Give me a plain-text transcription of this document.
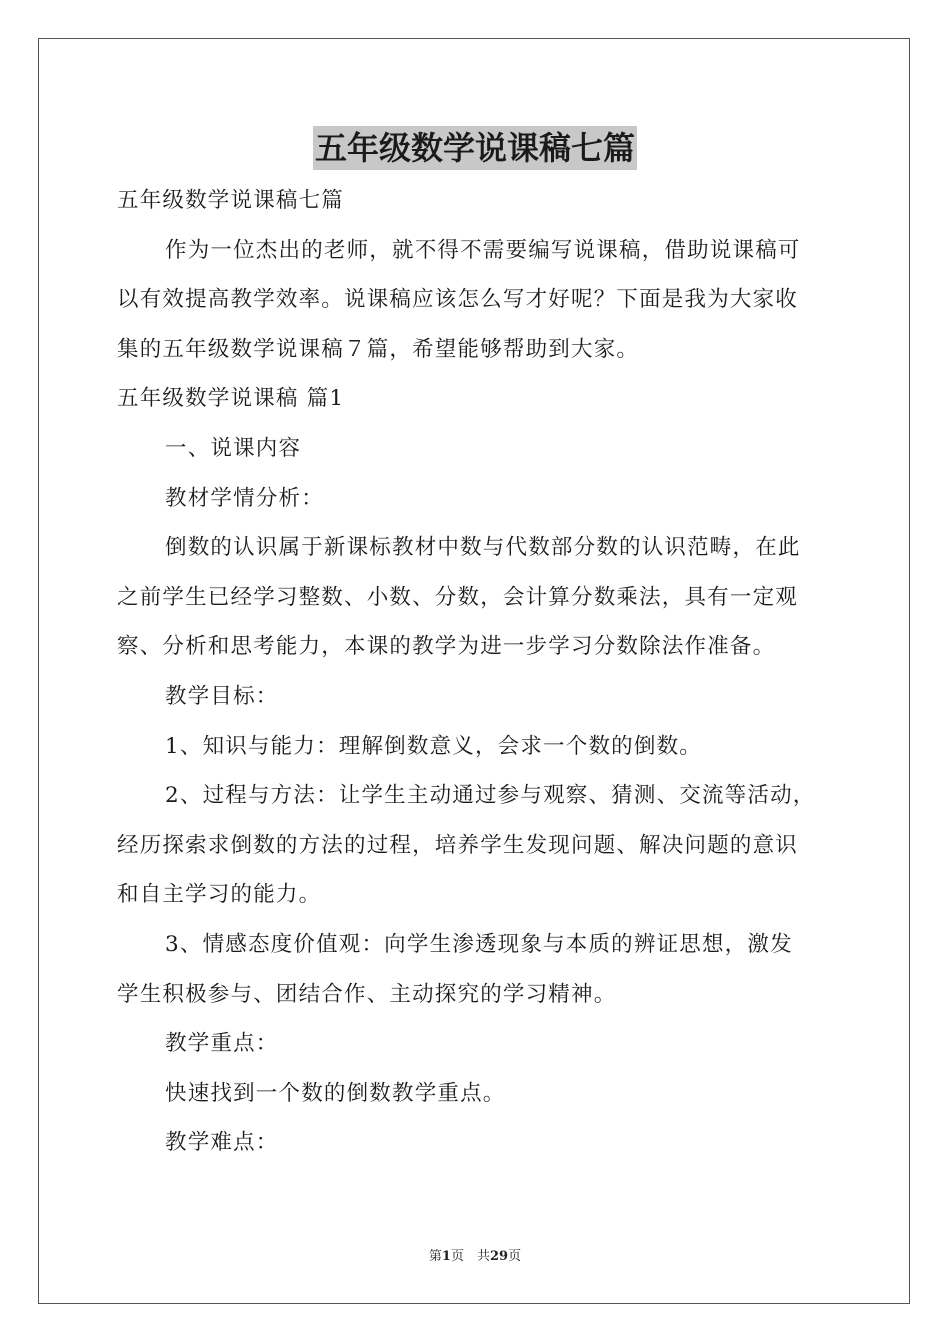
五年级数学说课稿七篇
五年级数学说课稿七篇
作为一位杰出的老师，就不得不需要编写说课稿，借助说课稿可
以有效提高教学效率。说课稿应该怎么写才好呢？下面是我为大家收
集的五年级数学说课稿７篇，希望能够帮助到大家。
五年级数学说课稿 篇1
一、说课内容
教材学情分析：
倒数的认识属于新课标教材中数与代数部分数的认识范畴，在此
之前学生已经学习整数、小数、分数，会计算分数乘法，具有一定观
察、分析和思考能力，本课的教学为进一步学习分数除法作准备。
教学目标：
1、知识与能力：理解倒数意义，会求一个数的倒数。
2、过程与方法：让学生主动通过参与观察、猜测、交流等活动，
经历探索求倒数的方法的过程，培养学生发现问题、解决问题的意识
和自主学习的能力。
3、情感态度价值观：向学生渗透现象与本质的辨证思想，激发
学生积极参与、团结合作、主动探究的学习精神。
教学重点：
快速找到一个数的倒数教学重点。
教学难点：
第1页　共29页
